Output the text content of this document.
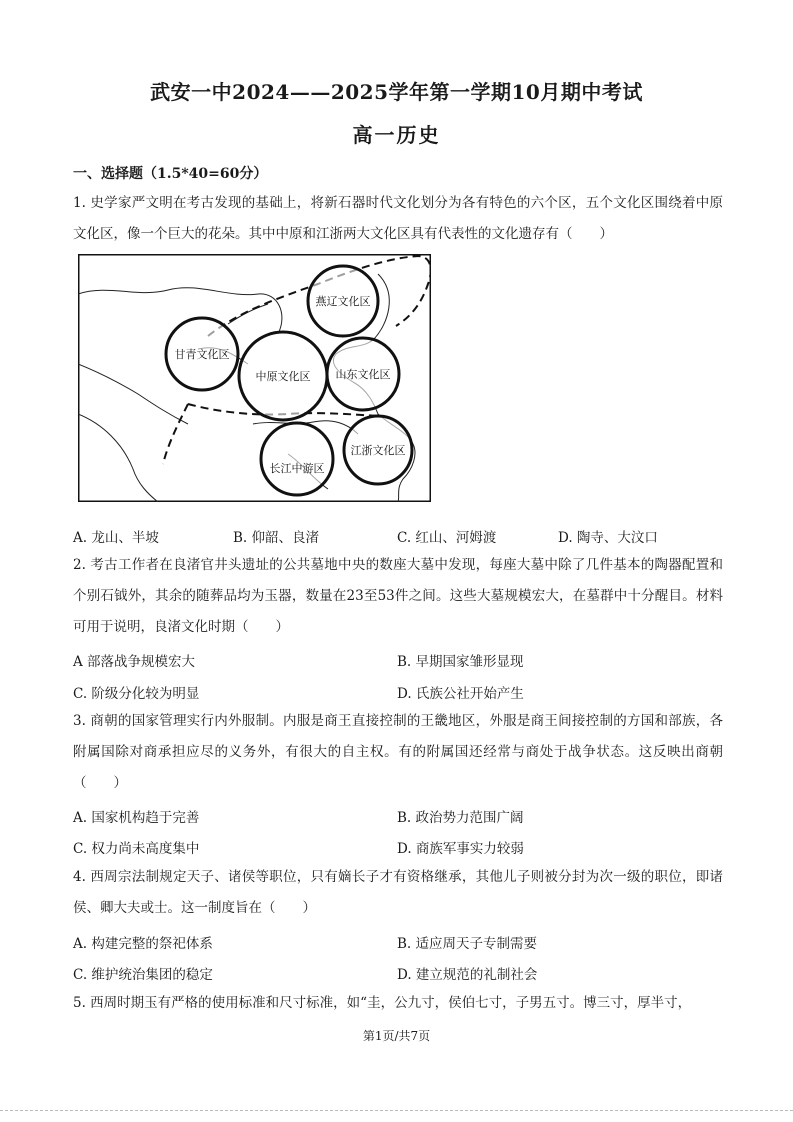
武安一中2024——2025学年第一学期10月期中考试
高一历史
一、选择题（1.5*40=60分）
1. 史学家严文明在考古发现的基础上，将新石器时代文化划分为各有特色的六个区，五个文化区围绕着中原文化区，像一个巨大的花朵。其中中原和江浙两大文化区具有代表性的文化遗存有（　　）
燕辽文化区
甘青文化区
中原文化区 山东文化区
长江中游区
江浙文化区
A. 龙山、半坡	B. 仰韶、良渚	C. 红山、河姆渡	D. 陶寺、大汶口
2. 考古工作者在良渚官井头遗址的公共墓地中央的数座大墓中发现，每座大墓中除了几件基本的陶器配置和个别石钺外，其余的随葬品均为玉器，数量在23至53件之间。这些大墓规模宏大，在墓群中十分醒目。材料可用于说明，良渚文化时期（　　）
A 部落战争规模宏大	B. 早期国家雏形显现
C. 阶级分化较为明显	D. 氏族公社开始产生
3. 商朝的国家管理实行内外服制。内服是商王直接控制的王畿地区，外服是商王间接控制的方国和部族，各附属国除对商承担应尽的义务外，有很大的自主权。有的附属国还经常与商处于战争状态。这反映出商朝（　　）
A. 国家机构趋于完善	B. 政治势力范围广阔
C. 权力尚未高度集中	D. 商族军事实力较弱
4. 西周宗法制规定天子、诸侯等职位，只有嫡长子才有资格继承，其他儿子则被分封为次一级的职位，即诸侯、卿大夫或士。这一制度旨在（　　）
A. 构建完整的祭祀体系	B. 适应周天子专制需要
C. 维护统治集团的稳定	D. 建立规范的礼制社会
5. 西周时期玉有严格的使用标准和尺寸标准，如“圭，公九寸，侯伯七寸，子男五寸。博三寸，厚半寸，
第1页/共7页
